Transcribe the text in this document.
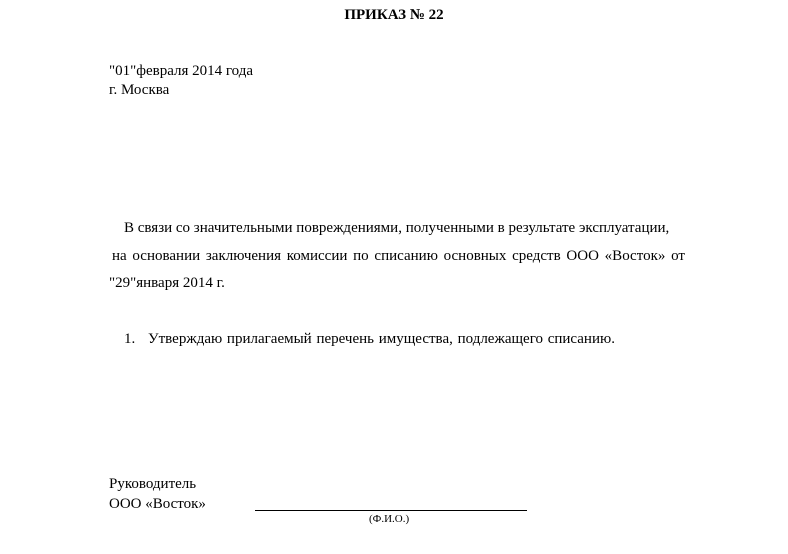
ПРИКАЗ № 22
"01"февраля 2014 года
г. Москва
В связи со значительными повреждениями, полученными в результате эксплуатации,
на основании заключения комиссии по списанию основных средств ООО «Восток» от
"29"января 2014 г.
1. Утверждаю прилагаемый перечень имущества, подлежащего списанию.
Руководитель
ООО «Восток»
(Ф.И.О.)
